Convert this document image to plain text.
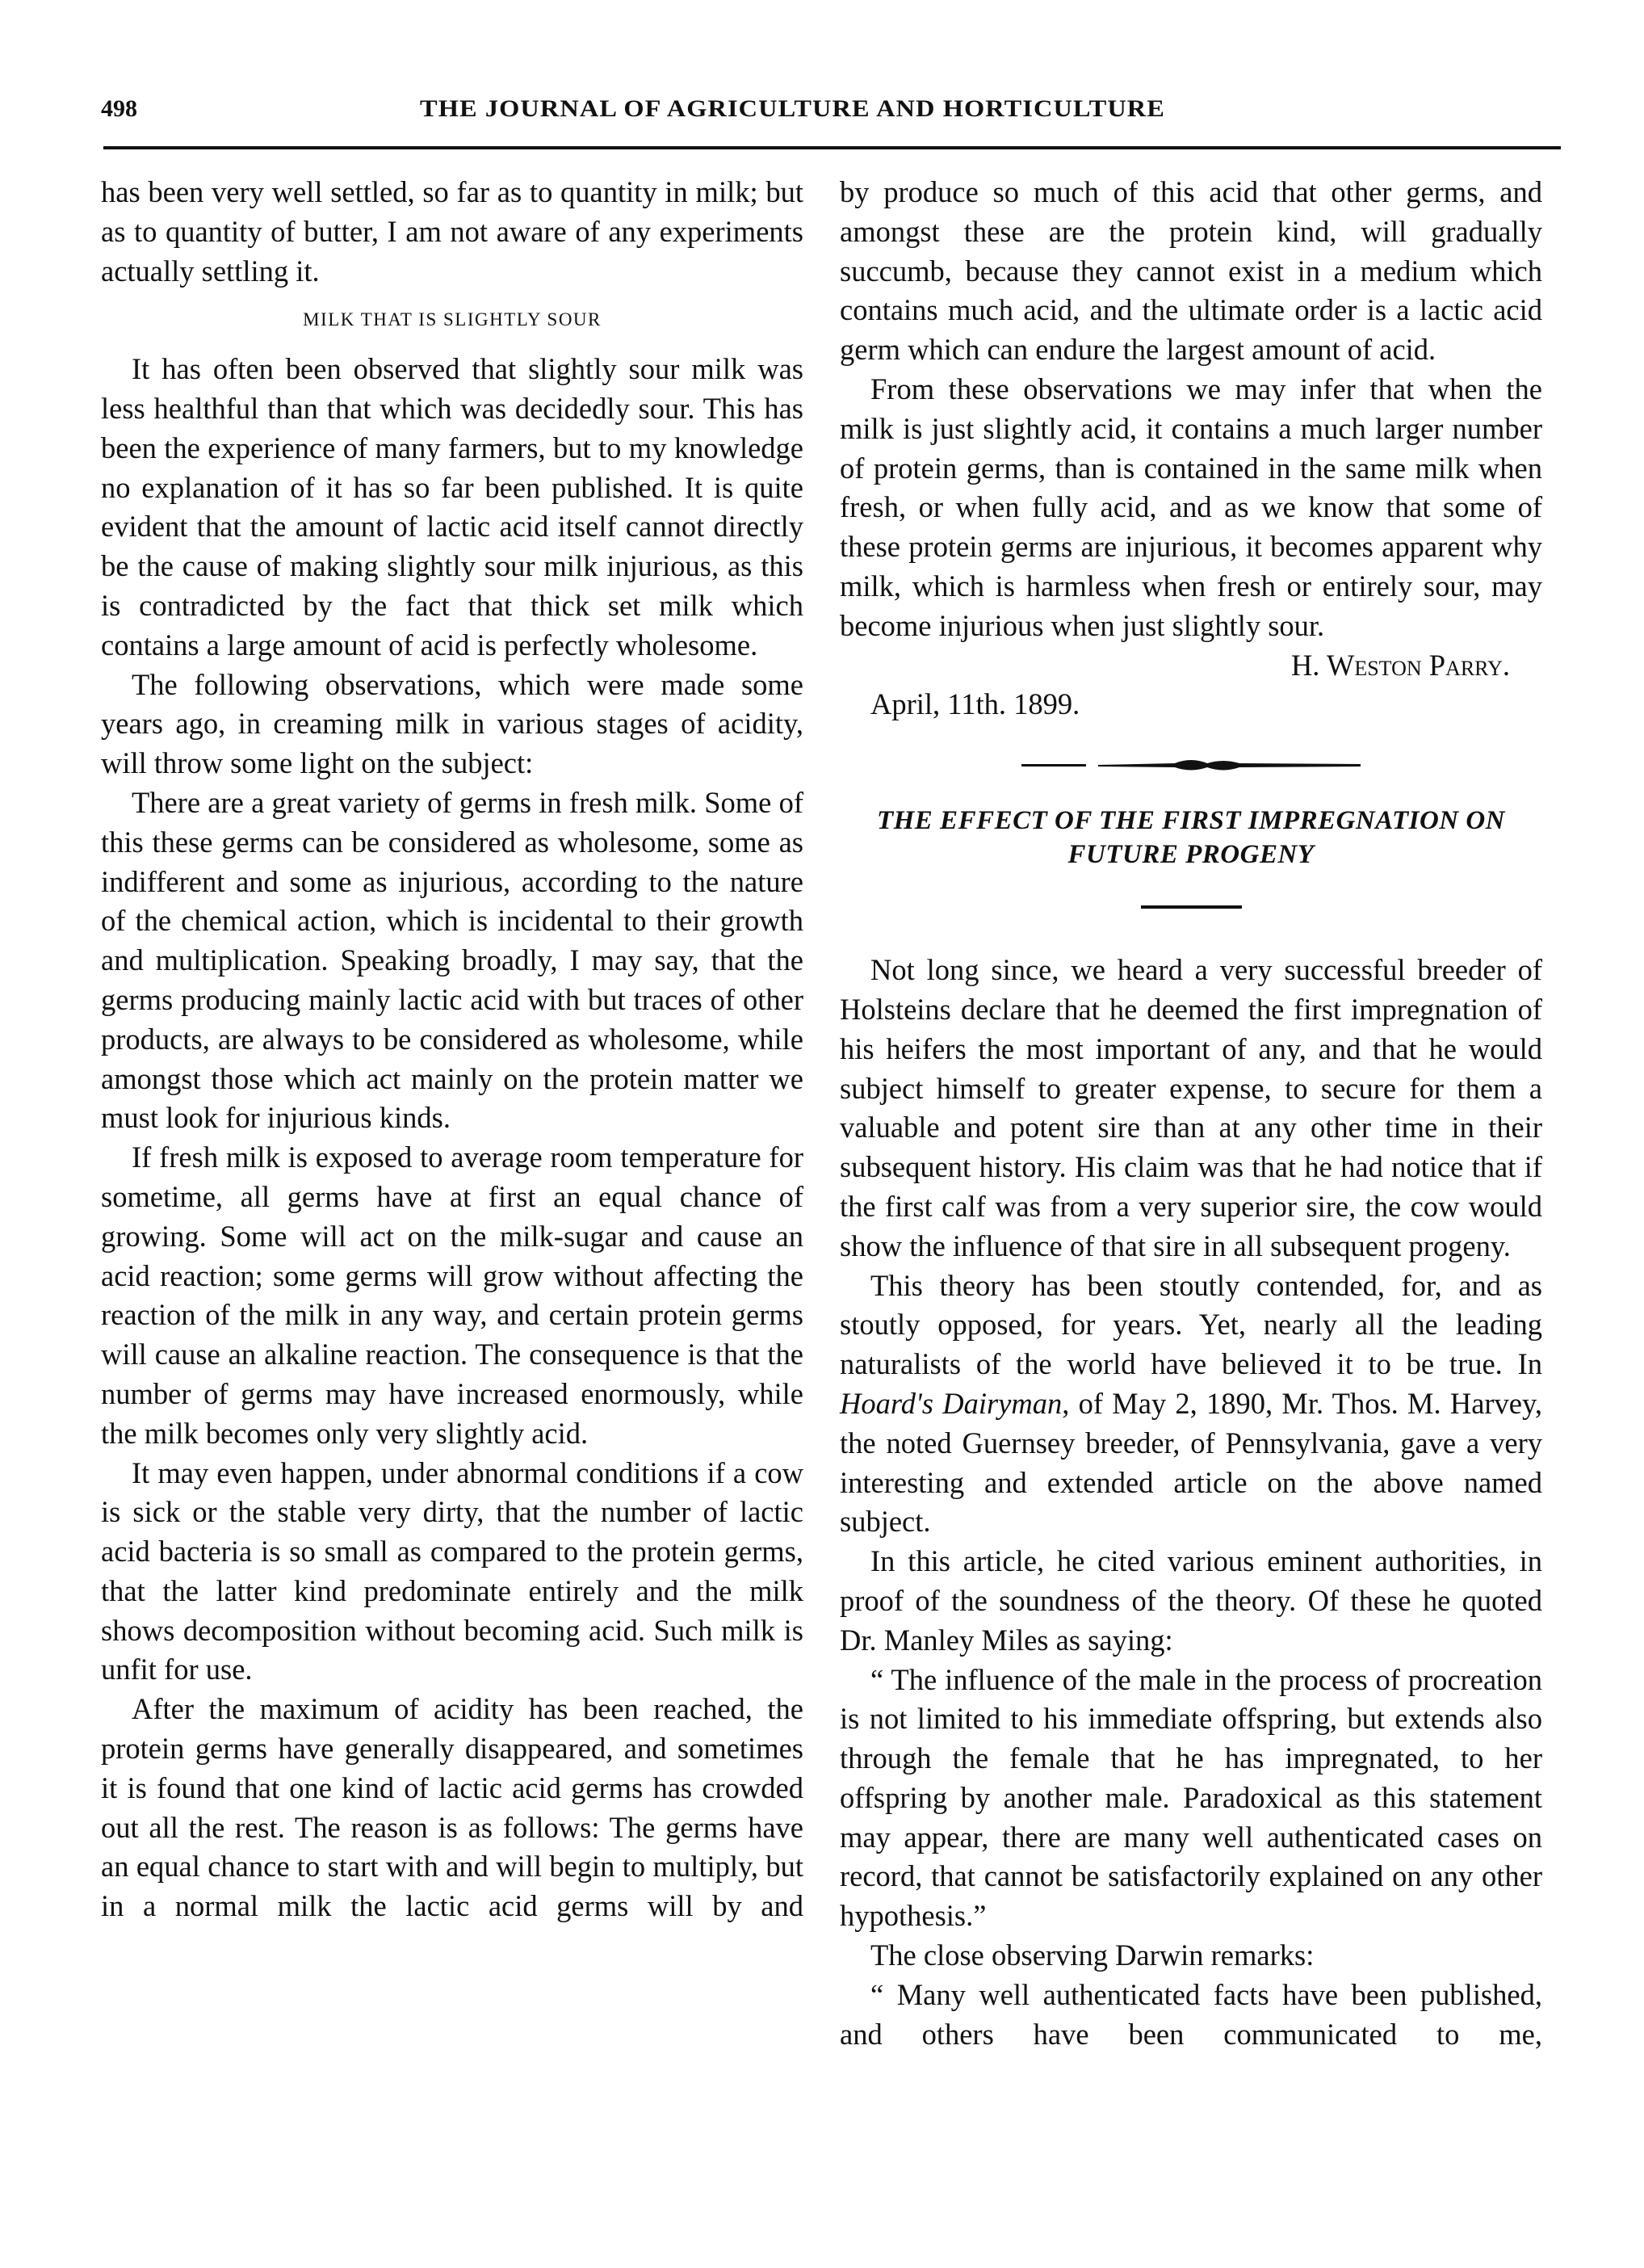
498	THE JOURNAL OF AGRICULTURE AND HORTICULTURE

has been very well settled, so far as to quantity in milk; but as to quantity of butter, I am not aware of any experiments actually settling it.

MILK THAT IS SLIGHTLY SOUR

It has often been observed that slightly sour milk was less healthful than that which was decidedly sour. This has been the experience of many farmers, but to my knowledge no explanation of it has so far been published. It is quite evident that the amount of lactic acid itself cannot directly be the cause of making slightly sour milk injurious, as this is contradicted by the fact that thick set milk which contains a large amount of acid is perfectly wholesome.

The following observations, which were made some years ago, in creaming milk in various stages of acidity, will throw some light on the subject:

There are a great variety of germs in fresh milk. Some of this these germs can be considered as wholesome, some as indifferent and some as injurious, according to the nature of the chemical action, which is incidental to their growth and multiplication. Speaking broadly, I may say, that the germs producing mainly lactic acid with but traces of other products, are always to be considered as wholesome, while amongst those which act mainly on the protein matter we must look for injurious kinds.

If fresh milk is exposed to average room temperature for sometime, all germs have at first an equal chance of growing. Some will act on the milk-sugar and cause an acid reaction; some germs will grow without affecting the reaction of the milk in any way, and certain protein germs will cause an alkaline reaction. The consequence is that the number of germs may have increased enormously, while the milk becomes only very slightly acid.

It may even happen, under abnormal conditions if a cow is sick or the stable very dirty, that the number of lactic acid bacteria is so small as compared to the protein germs, that the latter kind predominate entirely and the milk shows decomposition without becoming acid. Such milk is unfit for use.

After the maximum of acidity has been reached, the protein germs have generally disappeared, and sometimes it is found that one kind of lactic acid germs has crowded out all the rest. The reason is as follows: The germs have an equal chance to start with and will begin to multiply, but in a normal milk the lactic acid germs will by and

by produce so much of this acid that other germs, and amongst these are the protein kind, will gradually succumb, because they cannot exist in a medium which contains much acid, and the ultimate order is a lactic acid germ which can endure the largest amount of acid.

From these observations we may infer that when the milk is just slightly acid, it contains a much larger number of protein germs, than is contained in the same milk when fresh, or when fully acid, and as we know that some of these protein germs are injurious, it becomes apparent why milk, which is harmless when fresh or entirely sour, may become injurious when just slightly sour.

H. Weston Parry.
April, 11th. 1899.
THE EFFECT OF THE FIRST IMPREGNATION ON FUTURE PROGENY

Not long since, we heard a very successful breeder of Holsteins declare that he deemed the first impregnation of his heifers the most important of any, and that he would subject himself to greater expense, to secure for them a valuable and potent sire than at any other time in their subsequent history. His claim was that he had notice that if the first calf was from a very superior sire, the cow would show the influence of that sire in all subsequent progeny.

This theory has been stoutly contended, for, and as stoutly opposed, for years. Yet, nearly all the leading naturalists of the world have believed it to be true. In Hoard's Dairyman, of May 2, 1890, Mr. Thos. M. Harvey, the noted Guernsey breeder, of Pennsylvania, gave a very interesting and extended article on the above named subject.

In this article, he cited various eminent authorities, in proof of the soundness of the theory. Of these he quoted Dr. Manley Miles as saying:

“ The influence of the male in the process of procreation is not limited to his immediate offspring, but extends also through the female that he has impregnated, to her offspring by another male. Paradoxical as this statement may appear, there are many well authenticated cases on record, that cannot be satisfactorily explained on any other hypothesis.”

The close observing Darwin remarks:

“ Many well authenticated facts have been published, and others have been communicated to me,
